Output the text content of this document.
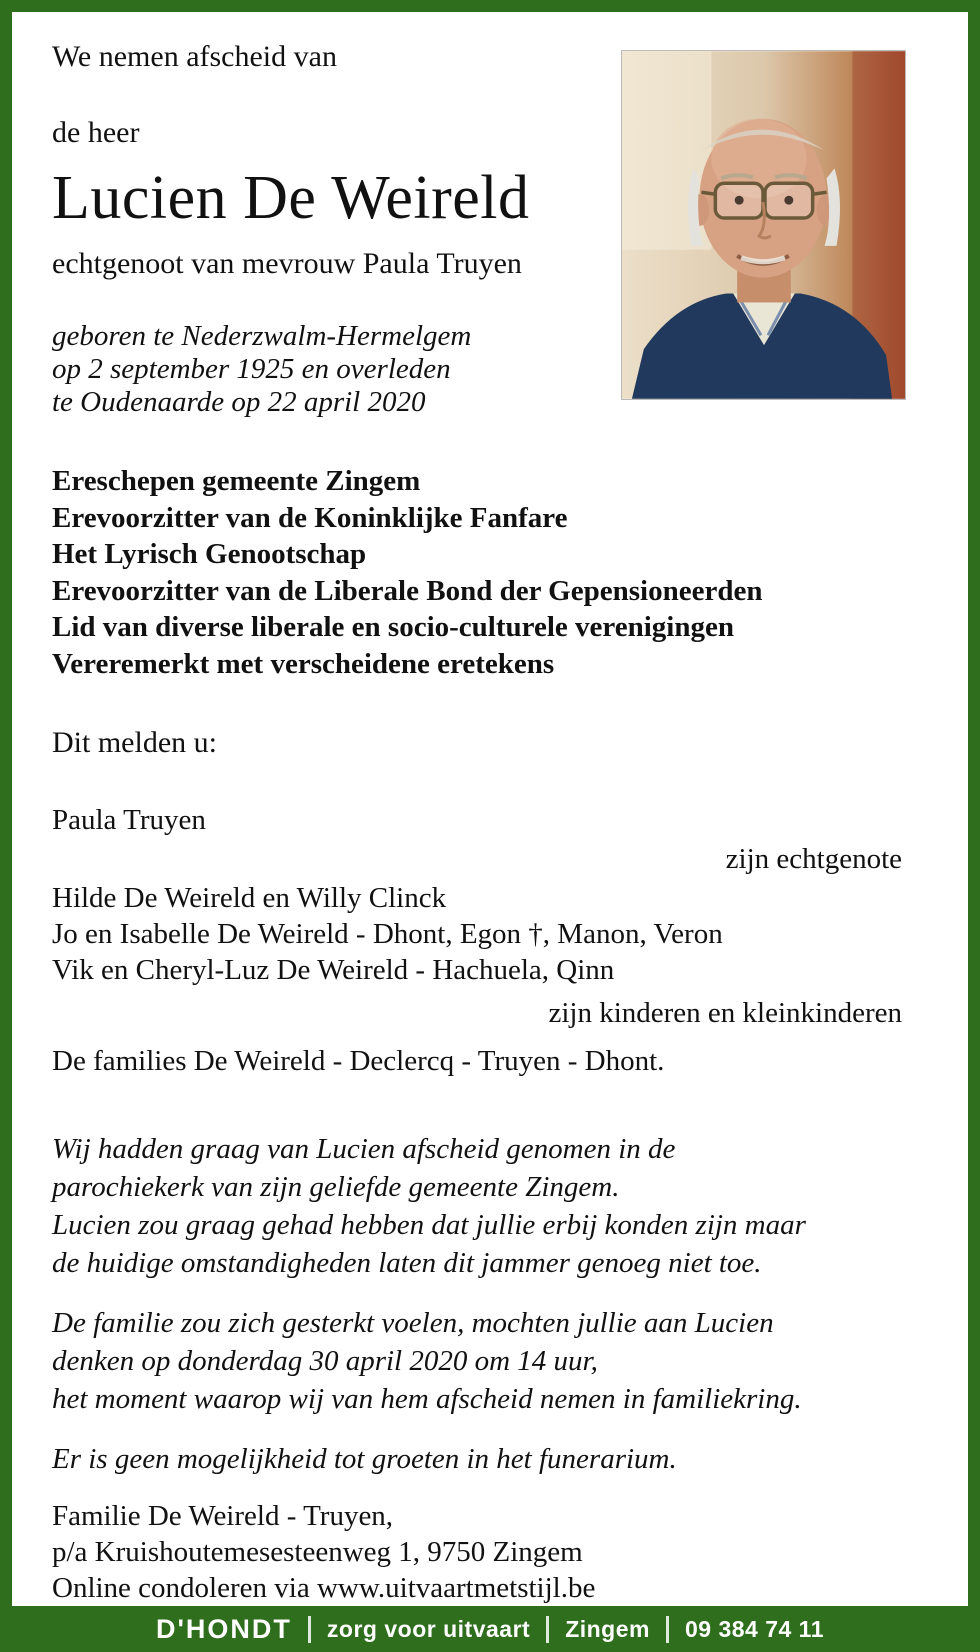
We nemen afscheid van
de heer
Lucien De Weireld
echtgenoot van mevrouw Paula Truyen
geboren te Nederzwalm-Hermelgem
op 2 september 1925 en overleden
te Oudenaarde op 22 april 2020
Ereschepen gemeente Zingem
Erevoorzitter van de Koninklijke Fanfare
Het Lyrisch Genootschap
Erevoorzitter van de Liberale Bond der Gepensioneerden
Lid van diverse liberale en socio-culturele verenigingen
Vereremerkt met verscheidene eretekens
Dit melden u:
Paula Truyen
zijn echtgenote
Hilde De Weireld en Willy Clinck
Jo en Isabelle De Weireld - Dhont, Egon †, Manon, Veron
Vik en Cheryl-Luz De Weireld - Hachuela, Qinn
zijn kinderen en kleinkinderen
De families De Weireld - Declercq - Truyen - Dhont.
Wij hadden graag van Lucien afscheid genomen in de
parochiekerk van zijn geliefde gemeente Zingem.
Lucien zou graag gehad hebben dat jullie erbij konden zijn maar
de huidige omstandigheden laten dit jammer genoeg niet toe.
De familie zou zich gesterkt voelen, mochten jullie aan Lucien
denken op donderdag 30 april 2020 om 14 uur,
het moment waarop wij van hem afscheid nemen in familiekring.
Er is geen mogelijkheid tot groeten in het funerarium.
Familie De Weireld - Truyen,
p/a Kruishoutemesesteenweg 1, 9750 Zingem
Online condoleren via www.uitvaartmetstijl.be
D'HONDT	zorg voor uitvaart	Zingem	09 384 74 11
